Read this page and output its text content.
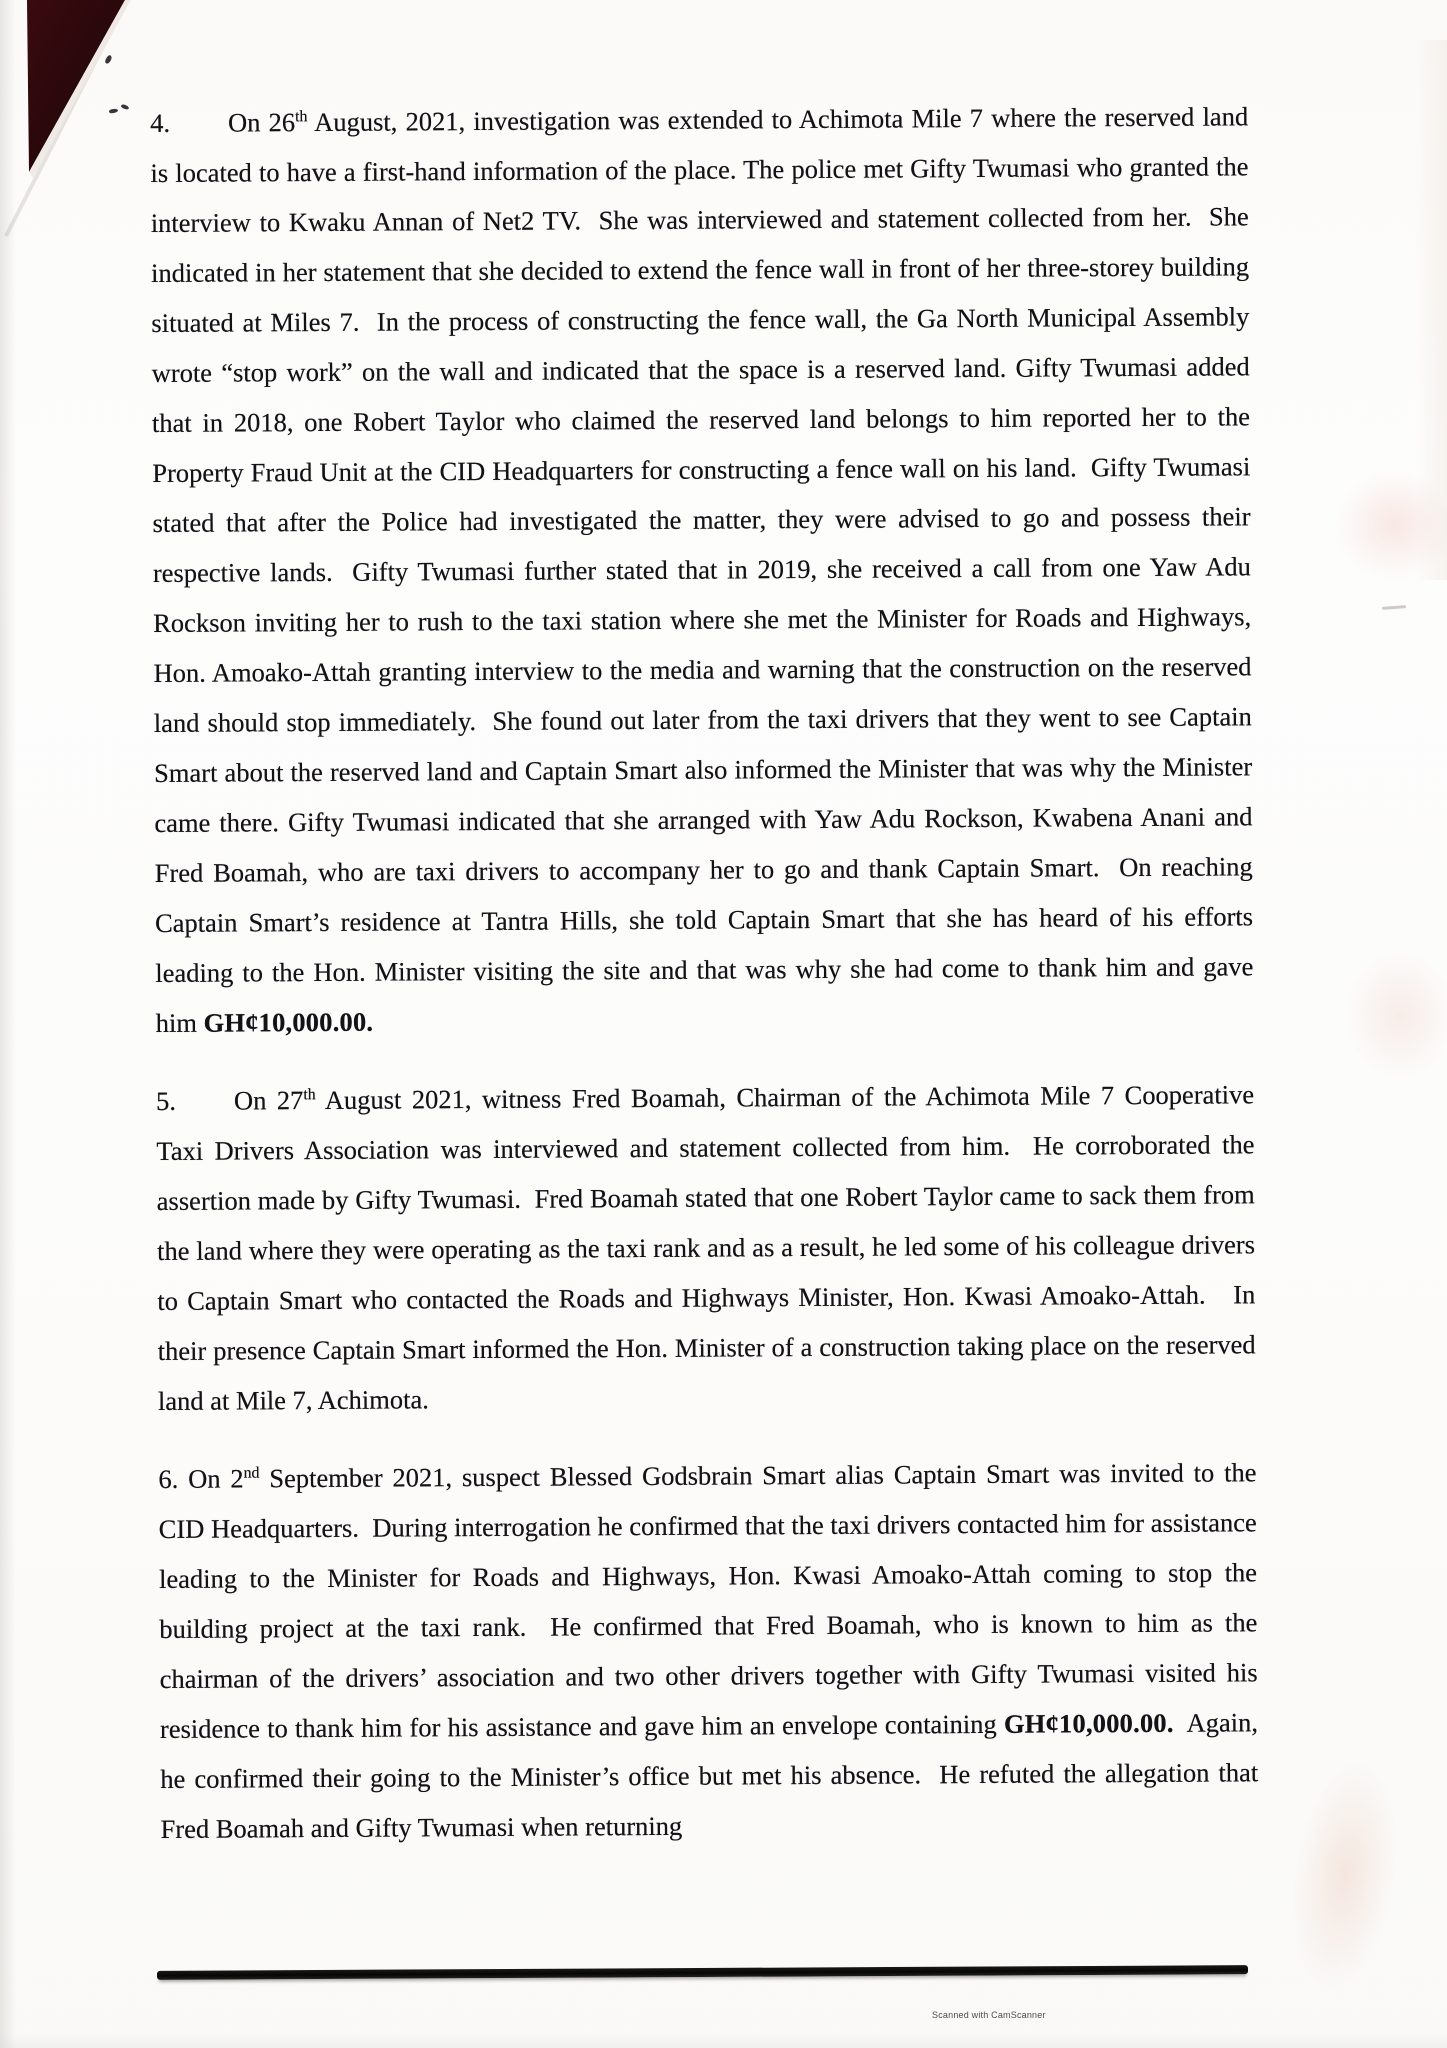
4. On 26th August, 2021, investigation was extended to Achimota Mile 7 where the reserved land is located to have a first-hand information of the place. The police met Gifty Twumasi who granted the interview to Kwaku Annan of Net2 TV.  She was interviewed and statement collected from her.  She indicated in her statement that she decided to extend the fence wall in front of her three-storey building situated at Miles 7.  In the process of constructing the fence wall, the Ga North Municipal Assembly wrote “stop work” on the wall and indicated that the space is a reserved land. Gifty Twumasi added that in 2018, one Robert Taylor who claimed the reserved land belongs to him reported her to the Property Fraud Unit at the CID Headquarters for constructing a fence wall on his land.  Gifty Twumasi stated that after the Police had investigated the matter, they were advised to go and possess their respective lands.  Gifty Twumasi further stated that in 2019, she received a call from one Yaw Adu Rockson inviting her to rush to the taxi station where she met the Minister for Roads and Highways, Hon. Amoako-Attah granting interview to the media and warning that the construction on the reserved land should stop immediately.  She found out later from the taxi drivers that they went to see Captain Smart about the reserved land and Captain Smart also informed the Minister that was why the Minister came there. Gifty Twumasi indicated that she arranged with Yaw Adu Rockson, Kwabena Anani and Fred Boamah, who are taxi drivers to accompany her to go and thank Captain Smart.  On reaching Captain Smart’s residence at Tantra Hills, she told Captain Smart that she has heard of his efforts leading to the Hon. Minister visiting the site and that was why she had come to thank him and gave him GH¢10,000.00.

5. On 27th August 2021, witness Fred Boamah, Chairman of the Achimota Mile 7 Cooperative Taxi Drivers Association was interviewed and statement collected from him.  He corroborated the assertion made by Gifty Twumasi.  Fred Boamah stated that one Robert Taylor came to sack them from the land where they were operating as the taxi rank and as a result, he led some of his colleague drivers to Captain Smart who contacted the Roads and Highways Minister, Hon. Kwasi Amoako-Attah.   In their presence Captain Smart informed the Hon. Minister of a construction taking place on the reserved land at Mile 7, Achimota.

6. On 2nd September 2021, suspect Blessed Godsbrain Smart alias Captain Smart was invited to the CID Headquarters.  During interrogation he confirmed that the taxi drivers contacted him for assistance leading to the Minister for Roads and Highways, Hon. Kwasi Amoako-Attah coming to stop the building project at the taxi rank.  He confirmed that Fred Boamah, who is known to him as the chairman of the drivers’ association and two other drivers together with Gifty Twumasi visited his residence to thank him for his assistance and gave him an envelope containing GH¢10,000.00.  Again, he confirmed their going to the Minister’s office but met his absence.  He refuted the allegation that Fred Boamah and Gifty Twumasi when returning

Scanned with CamScanner
